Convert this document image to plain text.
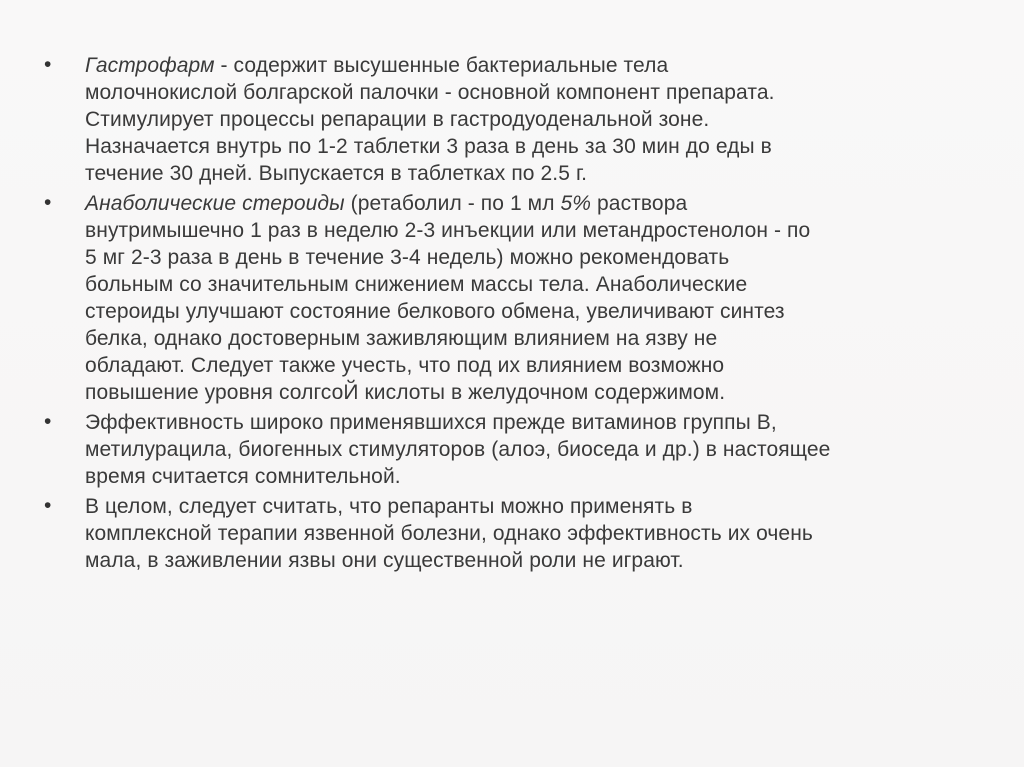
•	Гастрофарм - содержит высушенные бактериальные тела
молочнокислой болгарской палочки - основной компонент препарата.
Стимулирует процессы репарации в гастродуоденальной зоне.
Назначается внутрь по 1-2 таблетки 3 раза в день за 30 мин до еды в
течение 30 дней. Выпускается в таблетках по 2.5 г.
•	Анаболические стероиды (ретаболил - по 1 мл 5% раствора
внутримышечно 1 раз в неделю 2-3 инъекции или метандростенолон - по
5 мг 2-3 раза в день в течение 3-4 недель) можно рекомендовать
больным со значительным снижением массы тела. Анаболические
стероиды улучшают состояние белкового обмена, увеличивают синтез
белка, однако достоверным заживляющим влиянием на язву не
обладают. Следует также учесть, что под их влиянием возможно
повышение уровня солгсоЙ кислоты в желудочном содержимом.
•	Эффективность широко применявшихся прежде витаминов группы В,
метилурацила, биогенных стимуляторов (алоэ, биоседа и др.) в настоящее
время считается сомнительной.
•	В целом, следует считать, что репаранты можно применять в
комплексной терапии язвенной болезни, однако эффективность их очень
мала, в заживлении язвы они существенной роли не играют.
